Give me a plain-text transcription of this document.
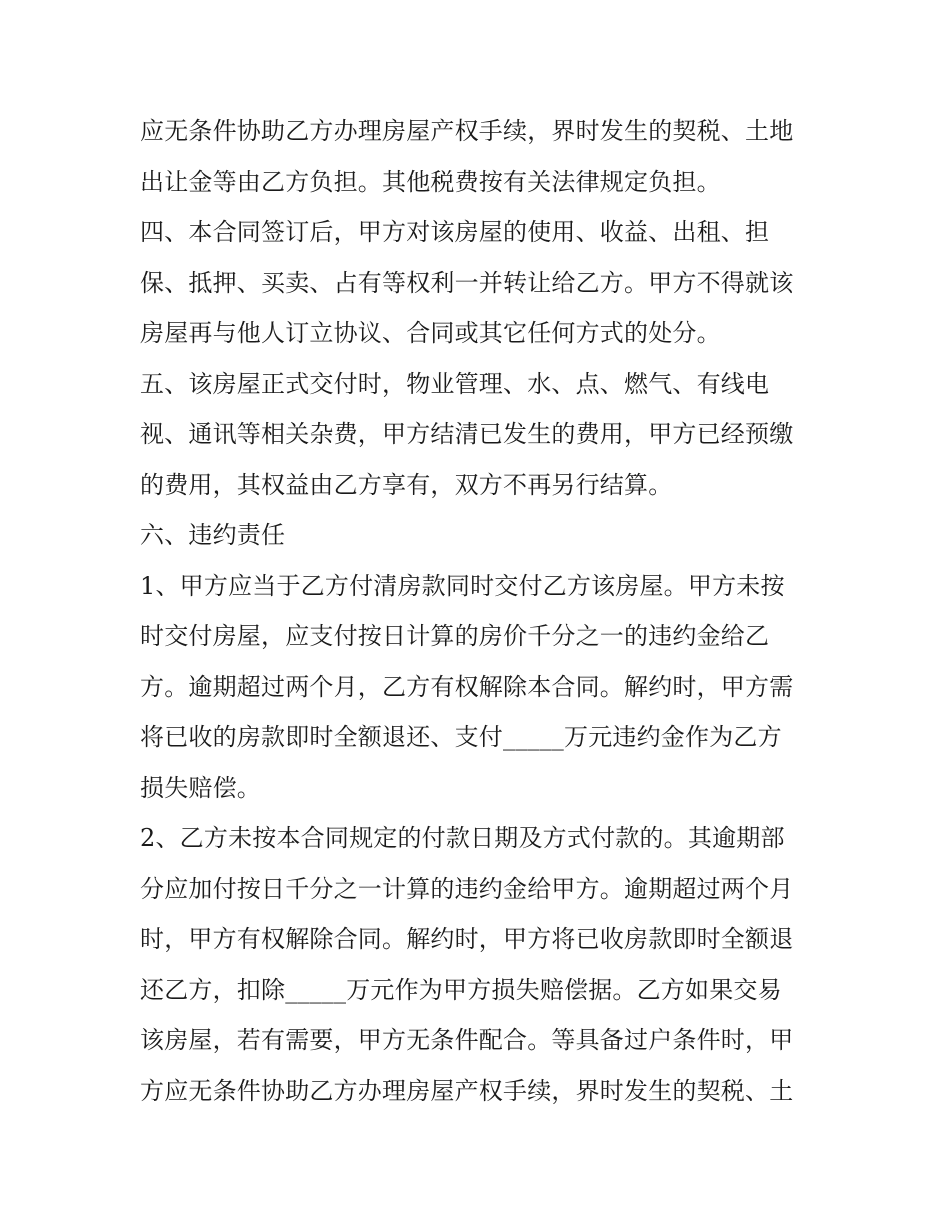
应无条件协助乙方办理房屋产权手续，界时发生的契税、土地
出让金等由乙方负担。其他税费按有关法律规定负担。
四、本合同签订后，甲方对该房屋的使用、收益、出租、担
保、抵押、买卖、占有等权利一并转让给乙方。甲方不得就该
房屋再与他人订立协议、合同或其它任何方式的处分。
五、该房屋正式交付时，物业管理、水、点、燃气、有线电
视、通讯等相关杂费，甲方结清已发生的费用，甲方已经预缴
的费用，其权益由乙方享有，双方不再另行结算。
六、违约责任
1、甲方应当于乙方付清房款同时交付乙方该房屋。甲方未按
时交付房屋，应支付按日计算的房价千分之一的违约金给乙
方。逾期超过两个月，乙方有权解除本合同。解约时，甲方需
将已收的房款即时全额退还、支付_____万元违约金作为乙方
损失赔偿。
2、乙方未按本合同规定的付款日期及方式付款的。其逾期部
分应加付按日千分之一计算的违约金给甲方。逾期超过两个月
时，甲方有权解除合同。解约时，甲方将已收房款即时全额退
还乙方，扣除_____万元作为甲方损失赔偿据。乙方如果交易
该房屋，若有需要，甲方无条件配合。等具备过户条件时，甲
方应无条件协助乙方办理房屋产权手续，界时发生的契税、土
